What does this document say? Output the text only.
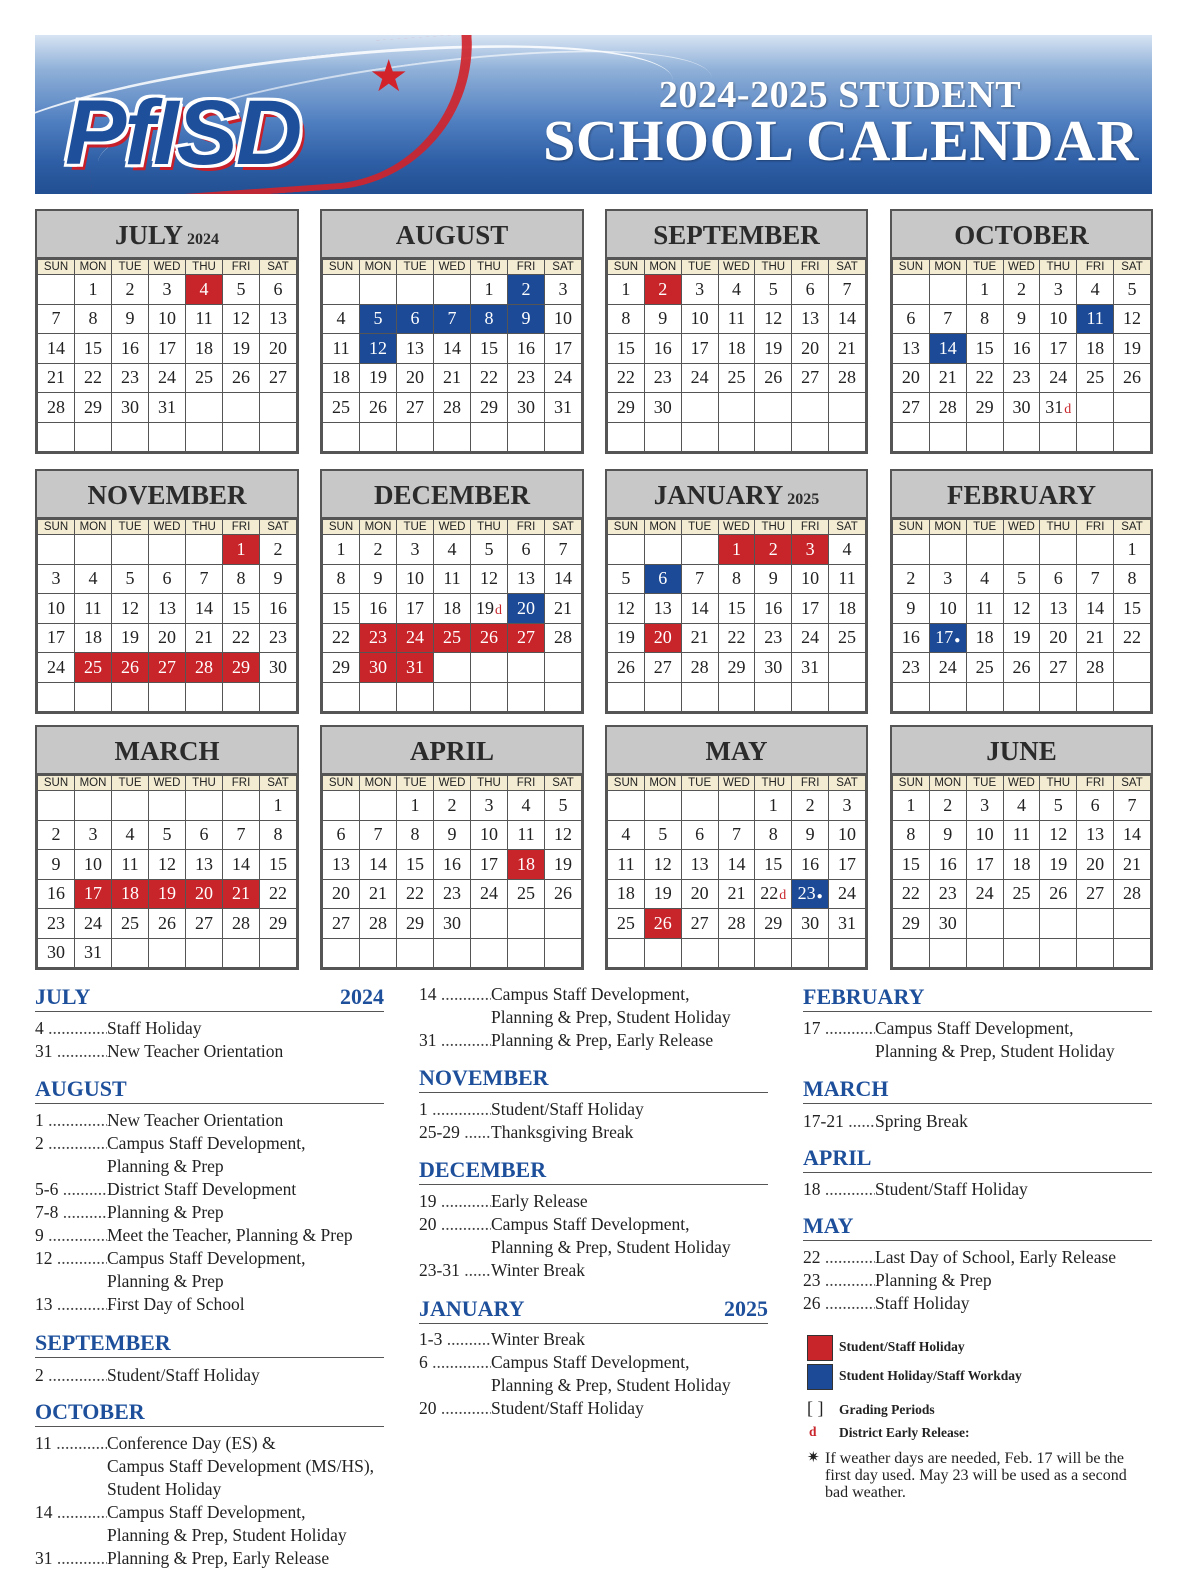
★
PfISD	2024-2025 STUDENT
SCHOOL CALENDAR
JULY 2024
SUN	MON	TUE	WED	THU	FRI	SAT
	1	2	3	4	5	6
7	8	9	10	11	12	13
14	15	16	17	18	19	20
21	22	23	24	25	26	27
28	29	30	31			

AUGUST
SUN	MON	TUE	WED	THU	FRI	SAT
				1	2	3
4	5	6	7	8	9	10
11	12	13	14	15	16	17
18	19	20	21	22	23	24
25	26	27	28	29	30	31

SEPTEMBER
SUN	MON	TUE	WED	THU	FRI	SAT
1	2	3	4	5	6	7
8	9	10	11	12	13	14
15	16	17	18	19	20	21
22	23	24	25	26	27	28
29	30					

OCTOBER
SUN	MON	TUE	WED	THU	FRI	SAT
		1	2	3	4	5
6	7	8	9	10	11	12
13	14	15	16	17	18	19
20	21	22	23	24	25	26
27	28	29	30	31d		

NOVEMBER
SUN	MON	TUE	WED	THU	FRI	SAT
					1	2
3	4	5	6	7	8	9
10	11	12	13	14	15	16
17	18	19	20	21	22	23
24	25	26	27	28	29	30

DECEMBER
SUN	MON	TUE	WED	THU	FRI	SAT
1	2	3	4	5	6	7
8	9	10	11	12	13	14
15	16	17	18	19d	20	21
22	23	24	25	26	27	28
29	30	31				

JANUARY 2025
SUN	MON	TUE	WED	THU	FRI	SAT
			1	2	3	4
5	6	7	8	9	10	11
12	13	14	15	16	17	18
19	20	21	22	23	24	25
26	27	28	29	30	31	

FEBRUARY
SUN	MON	TUE	WED	THU	FRI	SAT
						1
2	3	4	5	6	7	8
9	10	11	12	13	14	15
16	17●	18	19	20	21	22
23	24	25	26	27	28	

MARCH
SUN	MON	TUE	WED	THU	FRI	SAT
						1
2	3	4	5	6	7	8
9	10	11	12	13	14	15
16	17	18	19	20	21	22
23	24	25	26	27	28	29
30	31					
APRIL
SUN	MON	TUE	WED	THU	FRI	SAT
		1	2	3	4	5
6	7	8	9	10	11	12
13	14	15	16	17	18	19
20	21	22	23	24	25	26
27	28	29	30			

MAY
SUN	MON	TUE	WED	THU	FRI	SAT
				1	2	3
4	5	6	7	8	9	10
11	12	13	14	15	16	17
18	19	20	21	22d	23●	24
25	26	27	28	29	30	31

JUNE
SUN	MON	TUE	WED	THU	FRI	SAT
1	2	3	4	5	6	7
8	9	10	11	12	13	14
15	16	17	18	19	20	21
22	23	24	25	26	27	28
29	30					

JULY	2024
Student/Staff Holiday
Student Holiday/Staff Workday
[ ] Grading Periods
d District Early Release:
✷ If weather days are needed, Feb. 17 will be the first day used. May 23 will be used as a second bad weather.
4 .....	Staff Holiday
31 .....	New Teacher Orientation
AUGUST
1 .....	New Teacher Orientation
2 .....	Campus Staff Development,
Planning & Prep
5-6 .....	District Staff Development
7-8 .....	Planning & Prep
9 .....	Meet the Teacher, Planning & Prep
12 .....	Campus Staff Development,
Planning & Prep
13 .....	First Day of School
SEPTEMBER
2 .....	Student/Staff Holiday
OCTOBER
11 .....	Conference Day (ES) &
Campus Staff Development (MS/HS),
Student Holiday
14 .....	Campus Staff Development,
Planning & Prep, Student Holiday
31 .....	Planning & Prep, Early Release
14 .....	Campus Staff Development,
Planning & Prep, Student Holiday
31 .....	Planning & Prep, Early Release
NOVEMBER
1 .....	Student/Staff Holiday
25-29 ..... Thanksgiving Break
DECEMBER
19 .....	Early Release
20 .....	Campus Staff Development,
Planning & Prep, Student Holiday
23-31 ..... Winter Break
JANUARY	2025
1-3 .....	Winter Break
6 .....	Campus Staff Development,
Planning & Prep, Student Holiday
20 .....	Student/Staff Holiday
FEBRUARY
17 .....	Campus Staff Development,
Planning & Prep, Student Holiday
MARCH
17-21 ..... Spring Break
APRIL
18 .....	Student/Staff Holiday
MAY
22 .....	Last Day of School, Early Release
23 .....	Planning & Prep
26 .....	Staff Holiday
